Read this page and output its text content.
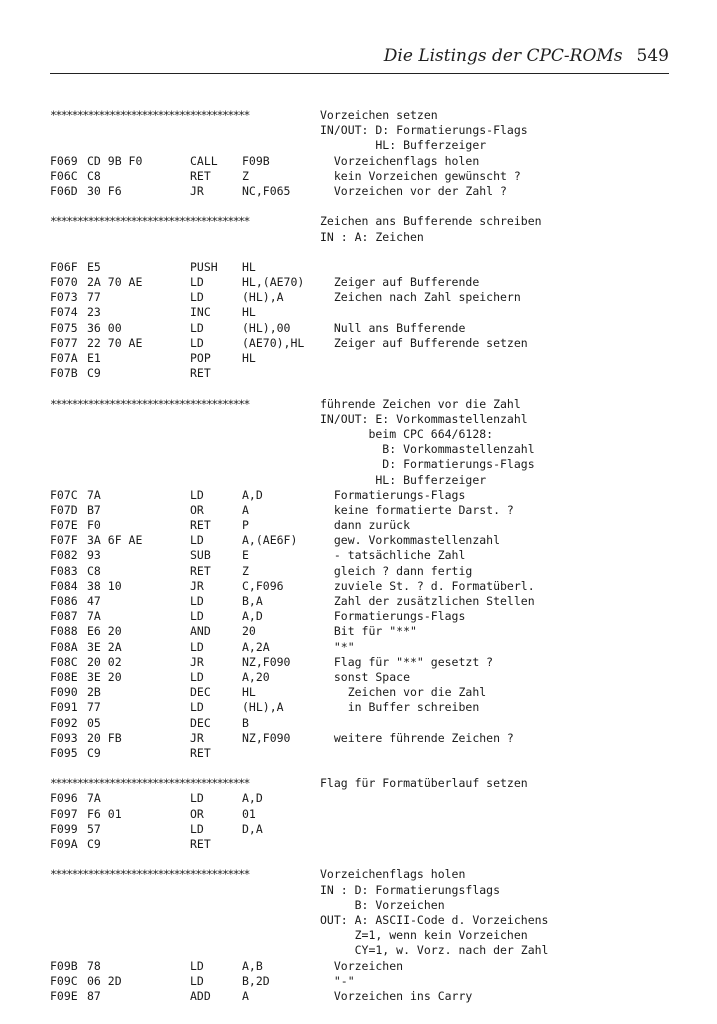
Die Listings der CPC-ROMs 549
*************************************	Vorzeichen setzen
IN/OUT: D: Formatierungs-Flags
HL: Bufferzeiger
F069 CD 9B F0	CALL F09B	Vorzeichenflags holen
F06C C8	RET	Z	kein Vorzeichen gewünscht ?
F06D 30 F6	JR	NC,F065	Vorzeichen vor der Zahl ?
*************************************	Zeichen ans Bufferende schreiben
IN : A: Zeichen
F06F E5	PUSH HL
F070 2A 70 AE	LD	HL,(AE70) Zeiger auf Bufferende
F073 77	LD	(HL),A	Zeichen nach Zahl speichern
F074 23	INC	HL
F075 36 00	LD	(HL),00	Null ans Bufferende
F077 22 70 AE	LD	(AE70),HL Zeiger auf Bufferende setzen
F07A E1	POP	HL
F07B C9	RET
*************************************	führende Zeichen vor die Zahl
IN/OUT: E: Vorkommastellenzahl
beim CPC 664/6128:
B: Vorkommastellenzahl
D: Formatierungs-Flags
HL: Bufferzeiger
F07C 7A	LD	A,D	Formatierungs-Flags
F07D B7	OR	A	keine formatierte Darst. ?
F07E F0	RET	P	dann zurück
F07F 3A 6F AE	LD	A,(AE6F) gew. Vorkommastellenzahl
F082 93	SUB	E	- tatsächliche Zahl
F083 C8	RET	Z	gleich ? dann fertig
F084 38 10	JR	C,F096	zuviele St. ? d. Formatüberl.
F086 47	LD	B,A	Zahl der zusätzlichen Stellen
F087 7A	LD	A,D	Formatierungs-Flags
F088 E6 20	AND	20	Bit für "**"
F08A 3E 2A	LD	A,2A	"*"
F08C 20 02	JR	NZ,F090	Flag für "**" gesetzt ?
F08E 3E 20	LD	A,20	sonst Space
F090 2B	DEC	HL	Zeichen vor die Zahl
F091 77	LD	(HL),A	in Buffer schreiben
F092 05	DEC	B
F093 20 FB	JR	NZ,F090	weitere führende Zeichen ?
F095 C9	RET
*************************************	Flag für Formatüberlauf setzen
F096 7A	LD	A,D
F097 F6 01	OR	01
F099 57	LD	D,A
F09A C9	RET
*************************************	Vorzeichenflags holen
IN : D: Formatierungsflags
B: Vorzeichen
OUT: A: ASCII-Code d. Vorzeichens
Z=1, wenn kein Vorzeichen
CY=1, w. Vorz. nach der Zahl
F09B 78	LD	A,B	Vorzeichen
F09C 06 2D	LD	B,2D	"-"
F09E 87	ADD	A	Vorzeichen ins Carry
